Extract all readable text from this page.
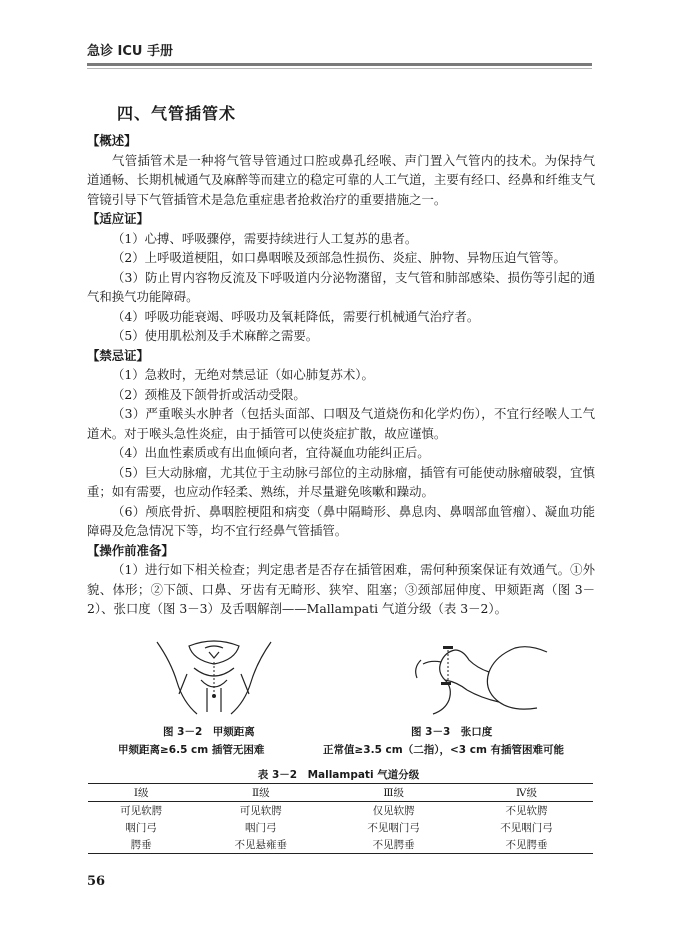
急诊 ICU 手册
四、气管插管术

【概述】

气管插管术是一种将气管导管通过口腔或鼻孔经喉、声门置入气管内的技术。为保持气道通畅、长期机械通气及麻醉等而建立的稳定可靠的人工气道，主要有经口、经鼻和纤维支气管镜引导下气管插管术是急危重症患者抢救治疗的重要措施之一。

【适应证】

（1）心搏、呼吸骤停，需要持续进行人工复苏的患者。

（2）上呼吸道梗阻，如口鼻咽喉及颈部急性损伤、炎症、肿物、异物压迫气管等。

（3）防止胃内容物反流及下呼吸道内分泌物潴留，支气管和肺部感染、损伤等引起的通气和换气功能障碍。

（4）呼吸功能衰竭、呼吸功及氧耗降低，需要行机械通气治疗者。

（5）使用肌松剂及手术麻醉之需要。

【禁忌证】

（1）急救时，无绝对禁忌证（如心肺复苏术）。

（2）颈椎及下颌骨折或活动受限。

（3）严重喉头水肿者（包括头面部、口咽及气道烧伤和化学灼伤），不宜行经喉人工气道术。对于喉头急性炎症，由于插管可以使炎症扩散，故应谨慎。

（4）出血性素质或有出血倾向者，宜待凝血功能纠正后。

（5）巨大动脉瘤，尤其位于主动脉弓部位的主动脉瘤，插管有可能使动脉瘤破裂，宜慎重；如有需要，也应动作轻柔、熟练，并尽量避免咳嗽和躁动。

（6）颅底骨折、鼻咽腔梗阻和病变（鼻中隔畸形、鼻息肉、鼻咽部血管瘤）、凝血功能障碍及危急情况下等，均不宜行经鼻气管插管。

【操作前准备】

（1）进行如下相关检查；判定患者是否存在插管困难，需何种预案保证有效通气。①外貌、体形；②下颌、口鼻、牙齿有无畸形、狭窄、阻塞；③颈部屈伸度、甲颏距离（图 3－2）、张口度（图 3－3）及舌咽解剖——Mallampati 气道分级（表 3－2）。

图 3－2　甲颏距离
甲颏距离≥6.5 cm 插管无困难
图 3－3　张口度
正常值≥3.5 cm（二指），<3 cm 有插管困难可能
表 3－2　Mallampati 气道分级
Ⅰ级	Ⅱ级	Ⅲ级	Ⅳ级
可见软腭	可见软腭	仅见软腭	不见软腭
咽门弓	咽门弓	不见咽门弓	不见咽门弓
腭垂	不见悬雍垂	不见腭垂	不见腭垂
56
